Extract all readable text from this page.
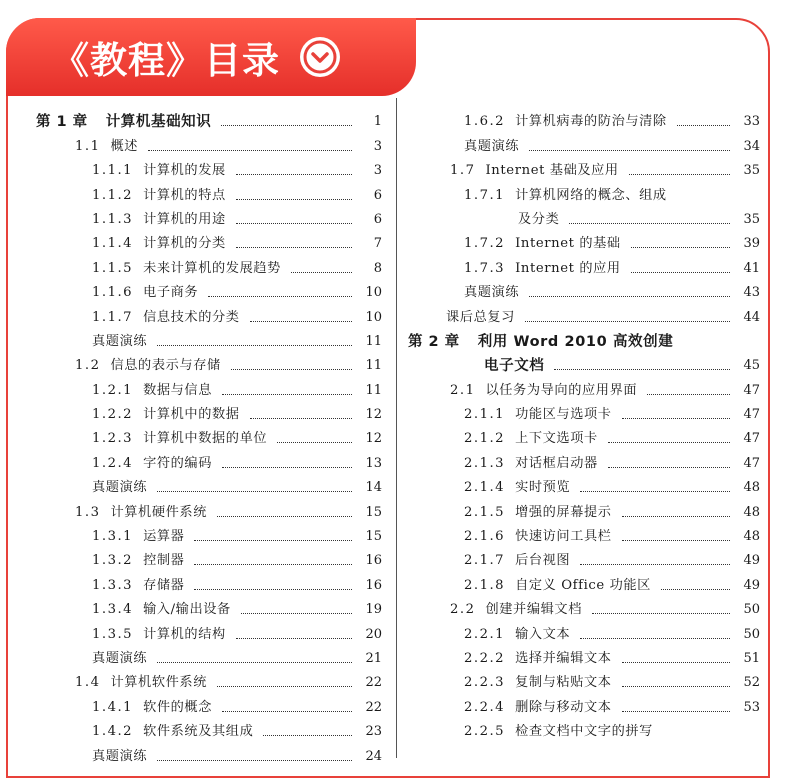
《教程》目录
第 1 章 计算机基础知识	1
1.1 概述	3
1.1.1 计算机的发展	3
1.1.2 计算机的特点	6
1.1.3 计算机的用途	6
1.1.4 计算机的分类	7
1.1.5 未来计算机的发展趋势	8
1.1.6 电子商务	10
1.1.7 信息技术的分类	10
真题演练	11
1.2 信息的表示与存储	11
1.2.1 数据与信息	11
1.2.2 计算机中的数据	12
1.2.3 计算机中数据的单位	12
1.2.4 字符的编码	13
真题演练	14
1.3 计算机硬件系统	15
1.3.1 运算器	15
1.3.2 控制器	16
1.3.3 存储器	16
1.3.4 输入/输出设备	19
1.3.5 计算机的结构	20
真题演练	21
1.4 计算机软件系统	22
1.4.1 软件的概念	22
1.4.2 软件系统及其组成	23
真题演练	24
1.6.2 计算机病毒的防治与清除	33
真题演练	34
1.7 Internet 基础及应用	35
1.7.1 计算机网络的概念、组成
及分类	35
1.7.2 Internet 的基础	39
1.7.3 Internet 的应用	41
真题演练	43
课后总复习	44
第 2 章 利用 Word 2010 高效创建
电子文档	45
2.1 以任务为导向的应用界面	47
2.1.1 功能区与选项卡	47
2.1.2 上下文选项卡	47
2.1.3 对话框启动器	47
2.1.4 实时预览	48
2.1.5 增强的屏幕提示	48
2.1.6 快速访问工具栏	48
2.1.7 后台视图	49
2.1.8 自定义 Office 功能区	49
2.2 创建并编辑文档	50
2.2.1 输入文本	50
2.2.2 选择并编辑文本	51
2.2.3 复制与粘贴文本	52
2.2.4 删除与移动文本	53
2.2.5 检查文档中文字的拼写
